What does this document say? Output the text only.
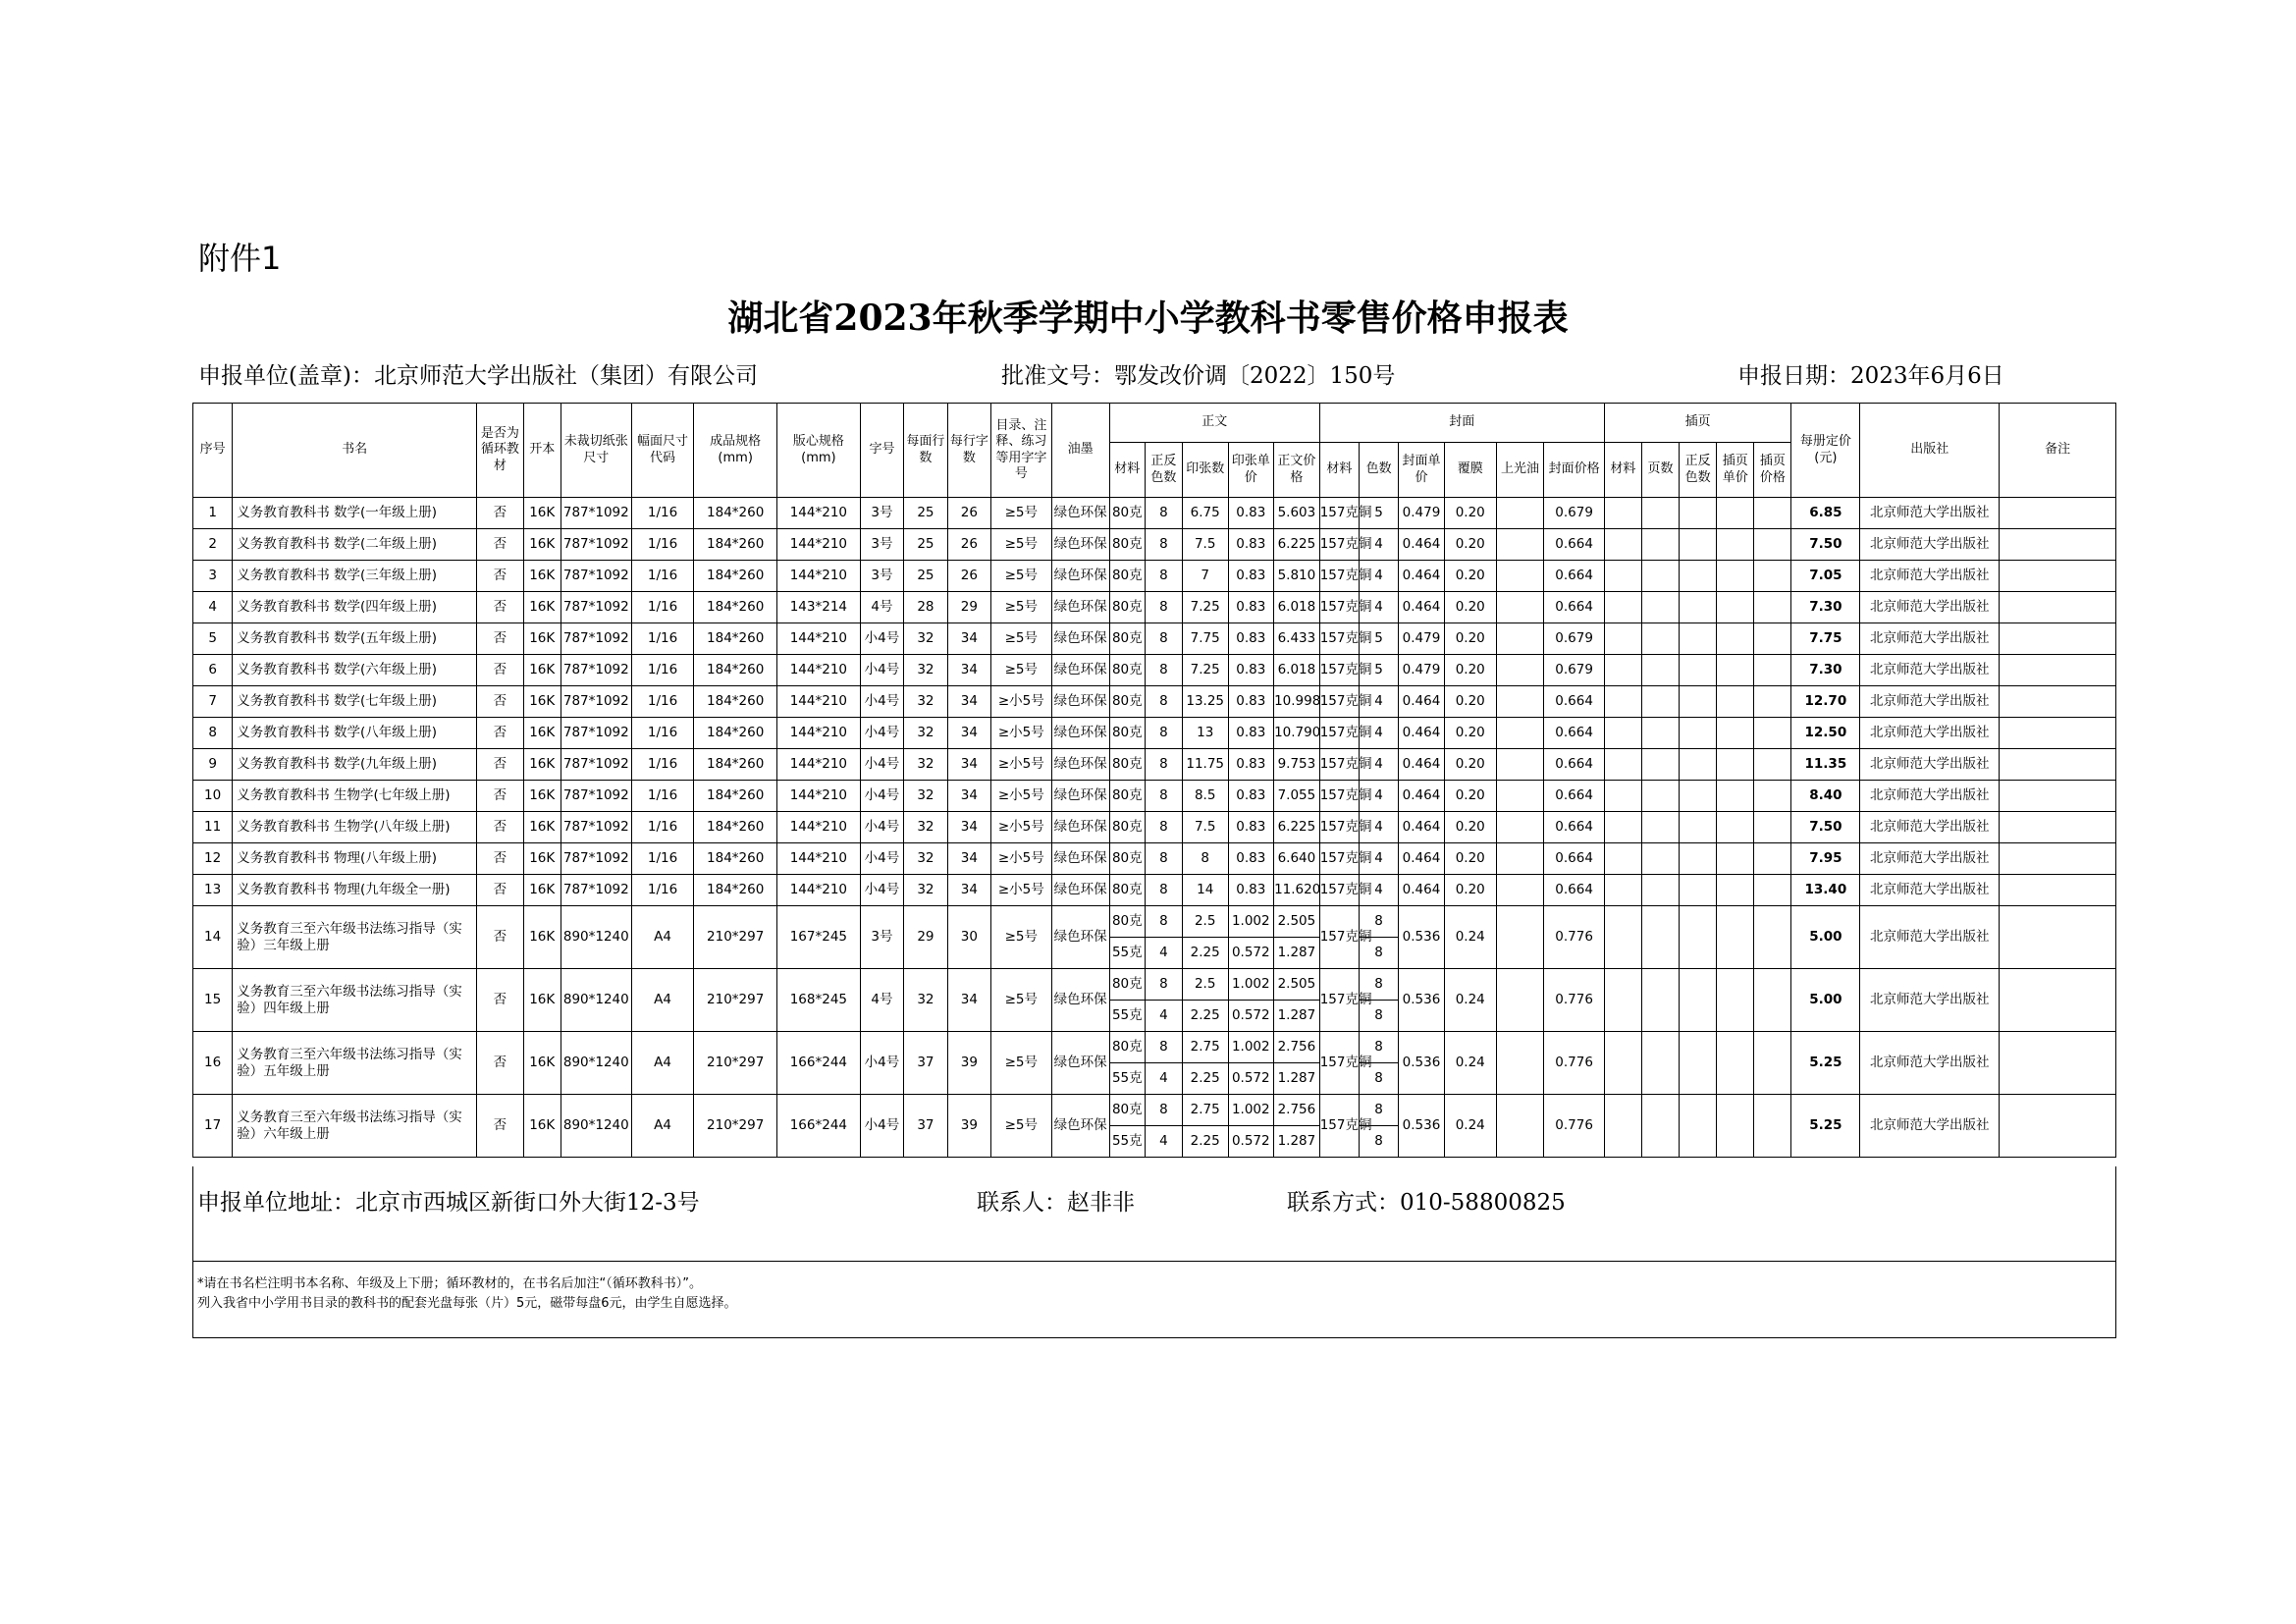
附件1
湖北省2023年秋季学期中小学教科书零售价格申报表
申报单位(盖章)：北京师范大学出版社（集团）有限公司	批准文号：鄂发改价调〔2022〕150号	申报日期：2023年6月6日
序号	书名	是否为循环教材	开本	未裁切纸张尺寸	幅面尺寸代码	成品规格(mm)	版心规格(mm)	字号	每面行数	每行字数	目录、注释、练习等用字字号	油墨	正文					封面						插页					每册定价(元)	出版社	备注
													材料	正反色数	印张数	印张单价	正文价格	材料	色数	封面单价	覆膜	上光油	封面价格	材料	页数	正反色数	插页单价	插页价格			
1	义务教育教科书 数学(一年级上册)	否	16K	787*1092	1/16	184*260	144*210	3号	25	26	≥5号	绿色环保	80克	8	6.75	0.83	5.603	157克铜	5	0.479	0.20		0.679						6.85	北京师范大学出版社	
2	义务教育教科书 数学(二年级上册)	否	16K	787*1092	1/16	184*260	144*210	3号	25	26	≥5号	绿色环保	80克	8	7.5	0.83	6.225	157克铜	4	0.464	0.20		0.664						7.50	北京师范大学出版社	
3	义务教育教科书 数学(三年级上册)	否	16K	787*1092	1/16	184*260	144*210	3号	25	26	≥5号	绿色环保	80克	8	7	0.83	5.810	157克铜	4	0.464	0.20		0.664						7.05	北京师范大学出版社	
4	义务教育教科书 数学(四年级上册)	否	16K	787*1092	1/16	184*260	143*214	4号	28	29	≥5号	绿色环保	80克	8	7.25	0.83	6.018	157克铜	4	0.464	0.20		0.664						7.30	北京师范大学出版社	
5	义务教育教科书 数学(五年级上册)	否	16K	787*1092	1/16	184*260	144*210	小4号	32	34	≥5号	绿色环保	80克	8	7.75	0.83	6.433	157克铜	5	0.479	0.20		0.679						7.75	北京师范大学出版社	
6	义务教育教科书 数学(六年级上册)	否	16K	787*1092	1/16	184*260	144*210	小4号	32	34	≥5号	绿色环保	80克	8	7.25	0.83	6.018	157克铜	5	0.479	0.20		0.679						7.30	北京师范大学出版社	
7	义务教育教科书 数学(七年级上册)	否	16K	787*1092	1/16	184*260	144*210	小4号	32	34	≥小5号	绿色环保	80克	8	13.25	0.83	10.998	157克铜	4	0.464	0.20		0.664						12.70	北京师范大学出版社	
8	义务教育教科书 数学(八年级上册)	否	16K	787*1092	1/16	184*260	144*210	小4号	32	34	≥小5号	绿色环保	80克	8	13	0.83	10.790	157克铜	4	0.464	0.20		0.664						12.50	北京师范大学出版社	
9	义务教育教科书 数学(九年级上册)	否	16K	787*1092	1/16	184*260	144*210	小4号	32	34	≥小5号	绿色环保	80克	8	11.75	0.83	9.753	157克铜	4	0.464	0.20		0.664						11.35	北京师范大学出版社	
10	义务教育教科书 生物学(七年级上册)	否	16K	787*1092	1/16	184*260	144*210	小4号	32	34	≥小5号	绿色环保	80克	8	8.5	0.83	7.055	157克铜	4	0.464	0.20		0.664						8.40	北京师范大学出版社	
11	义务教育教科书 生物学(八年级上册)	否	16K	787*1092	1/16	184*260	144*210	小4号	32	34	≥小5号	绿色环保	80克	8	7.5	0.83	6.225	157克铜	4	0.464	0.20		0.664						7.50	北京师范大学出版社	
12	义务教育教科书 物理(八年级上册)	否	16K	787*1092	1/16	184*260	144*210	小4号	32	34	≥小5号	绿色环保	80克	8	8	0.83	6.640	157克铜	4	0.464	0.20		0.664						7.95	北京师范大学出版社	
13	义务教育教科书 物理(九年级全一册)	否	16K	787*1092	1/16	184*260	144*210	小4号	32	34	≥小5号	绿色环保	80克	8	14	0.83	11.620	157克铜	4	0.464	0.20		0.664						13.40	北京师范大学出版社	
14	义务教育三至六年级书法练习指导（实验）三年级上册	否	16K	890*1240	A4	210*297	167*245	3号	29	30	≥5号	绿色环保	80克	8	2.5	1.002	2.505	157克铜	8	0.536	0.24		0.776						5.00	北京师范大学出版社	
													55克	4	2.25	0.572	1.287		8												
15	义务教育三至六年级书法练习指导（实验）四年级上册	否	16K	890*1240	A4	210*297	168*245	4号	32	34	≥5号	绿色环保	80克	8	2.5	1.002	2.505	157克铜	8	0.536	0.24		0.776						5.00	北京师范大学出版社	
													55克	4	2.25	0.572	1.287		8												
16	义务教育三至六年级书法练习指导（实验）五年级上册	否	16K	890*1240	A4	210*297	166*244	小4号	37	39	≥5号	绿色环保	80克	8	2.75	1.002	2.756	157克铜	8	0.536	0.24		0.776						5.25	北京师范大学出版社	
													55克	4	2.25	0.572	1.287		8												
17	义务教育三至六年级书法练习指导（实验）六年级上册	否	16K	890*1240	A4	210*297	166*244	小4号	37	39	≥5号	绿色环保	80克	8	2.75	1.002	2.756	157克铜	8	0.536	0.24		0.776						5.25	北京师范大学出版社	
													55克	4	2.25	0.572	1.287		8												
申报单位地址：北京市西城区新街口外大街12-3号	联系人：赵非非	联系方式：010-58800825
*请在书名栏注明书本名称、年级及上下册；循环教材的，在书名后加注“（循环教科书）”。
列入我省中小学用书目录的教科书的配套光盘每张（片）5元，磁带每盘6元，由学生自愿选择。
